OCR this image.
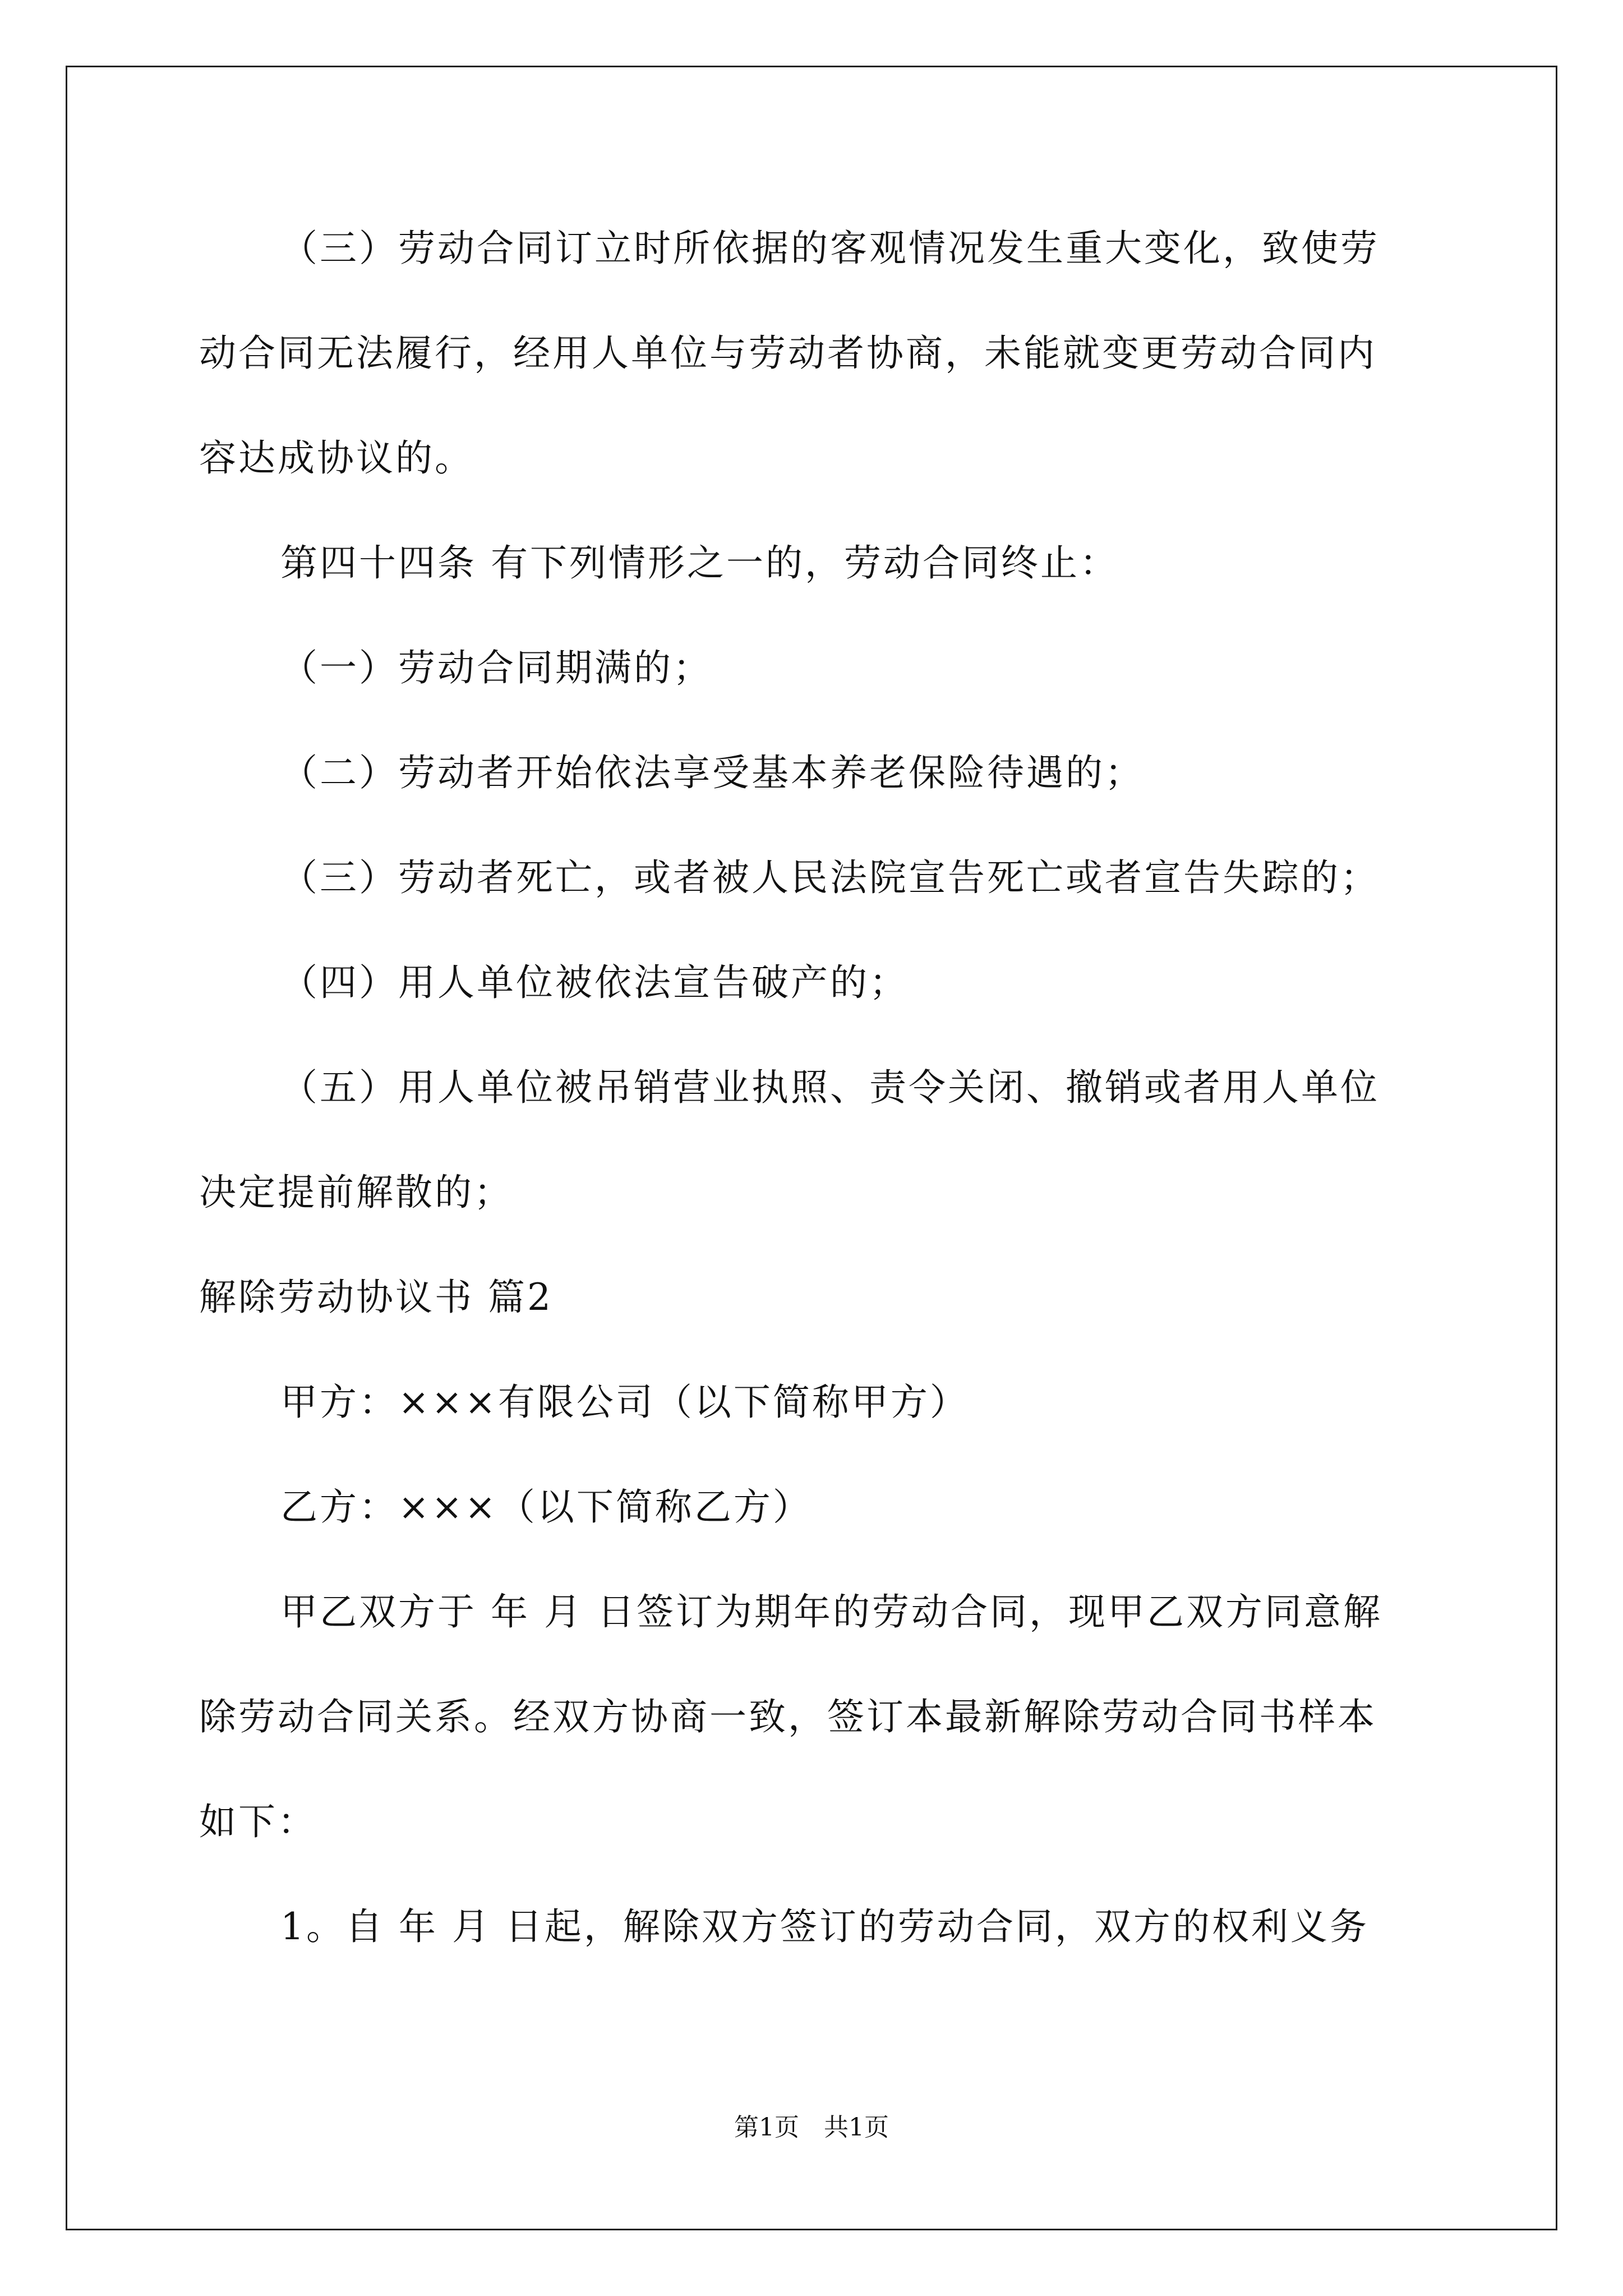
（三）劳动合同订立时所依据的客观情况发生重大变化，致使劳
动合同无法履行，经用人单位与劳动者协商，未能就变更劳动合同内
容达成协议的。
第四十四条 有下列情形之一的，劳动合同终止：
（一）劳动合同期满的；
（二）劳动者开始依法享受基本养老保险待遇的；
（三）劳动者死亡，或者被人民法院宣告死亡或者宣告失踪的；
（四）用人单位被依法宣告破产的；
（五）用人单位被吊销营业执照、责令关闭、撤销或者用人单位
决定提前解散的；
解除劳动协议书 篇2
甲方：×××有限公司（以下简称甲方）
乙方：×××（以下简称乙方）
甲乙双方于 年 月 日签订为期年的劳动合同，现甲乙双方同意解
除劳动合同关系。经双方协商一致，签订本最新解除劳动合同书样本
如下：
1。自 年 月 日起，解除双方签订的劳动合同，双方的权利义务
第1页　共1页
